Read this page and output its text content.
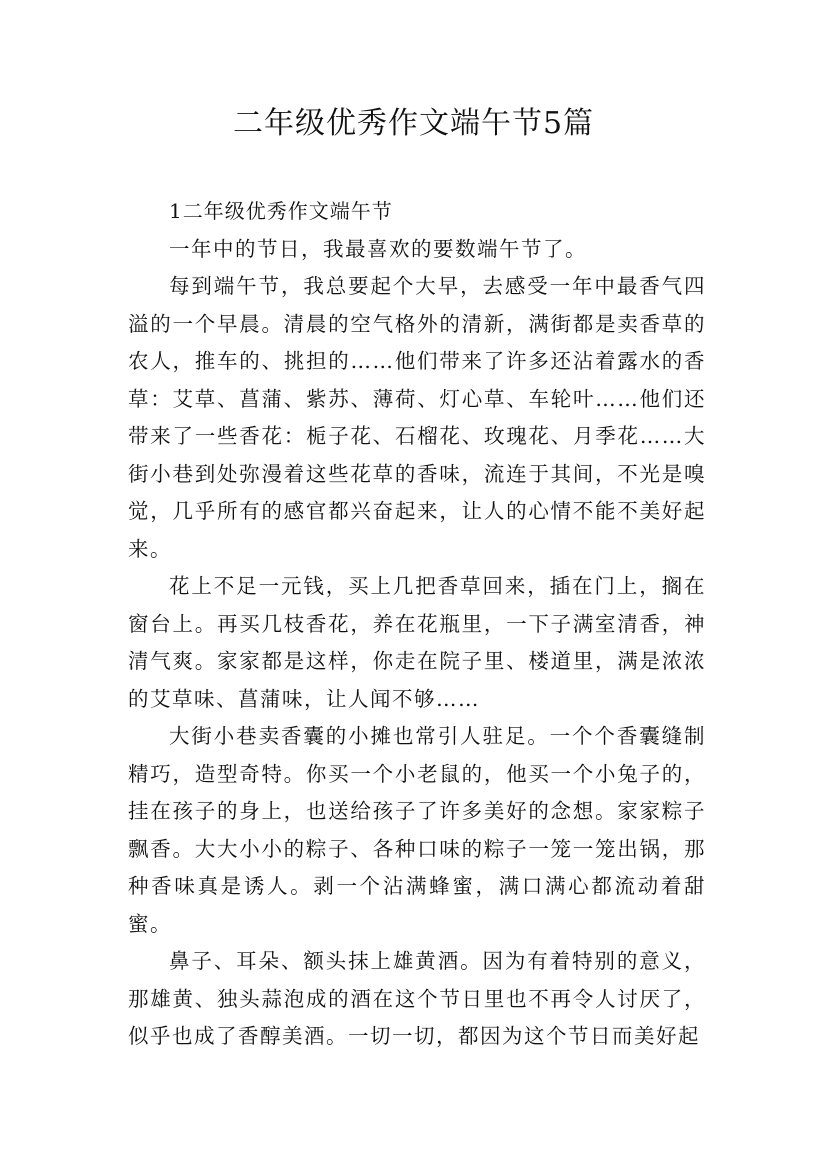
二年级优秀作文端午节5篇
1二年级优秀作文端午节

一年中的节日，我最喜欢的要数端午节了。

每到端午节，我总要起个大早，去感受一年中最香气四溢的一个早晨。清晨的空气格外的清新，满街都是卖香草的农人，推车的、挑担的……他们带来了许多还沾着露水的香草：艾草、菖蒲、紫苏、薄荷、灯心草、车轮叶……他们还带来了一些香花：栀子花、石榴花、玫瑰花、月季花……大街小巷到处弥漫着这些花草的香味，流连于其间，不光是嗅觉，几乎所有的感官都兴奋起来，让人的心情不能不美好起来。

花上不足一元钱，买上几把香草回来，插在门上，搁在窗台上。再买几枝香花，养在花瓶里，一下子满室清香，神清气爽。家家都是这样，你走在院子里、楼道里，满是浓浓的艾草味、菖蒲味，让人闻不够……

大街小巷卖香囊的小摊也常引人驻足。一个个香囊缝制精巧，造型奇特。你买一个小老鼠的，他买一个小兔子的，挂在孩子的身上，也送给孩子了许多美好的念想。家家粽子飘香。大大小小的粽子、各种口味的粽子一笼一笼出锅，那种香味真是诱人。剥一个沾满蜂蜜，满口满心都流动着甜蜜。

鼻子、耳朵、额头抹上雄黄酒。因为有着特别的意义，那雄黄、独头蒜泡成的酒在这个节日里也不再令人讨厌了，似乎也成了香醇美酒。一切一切，都因为这个节日而美好起
